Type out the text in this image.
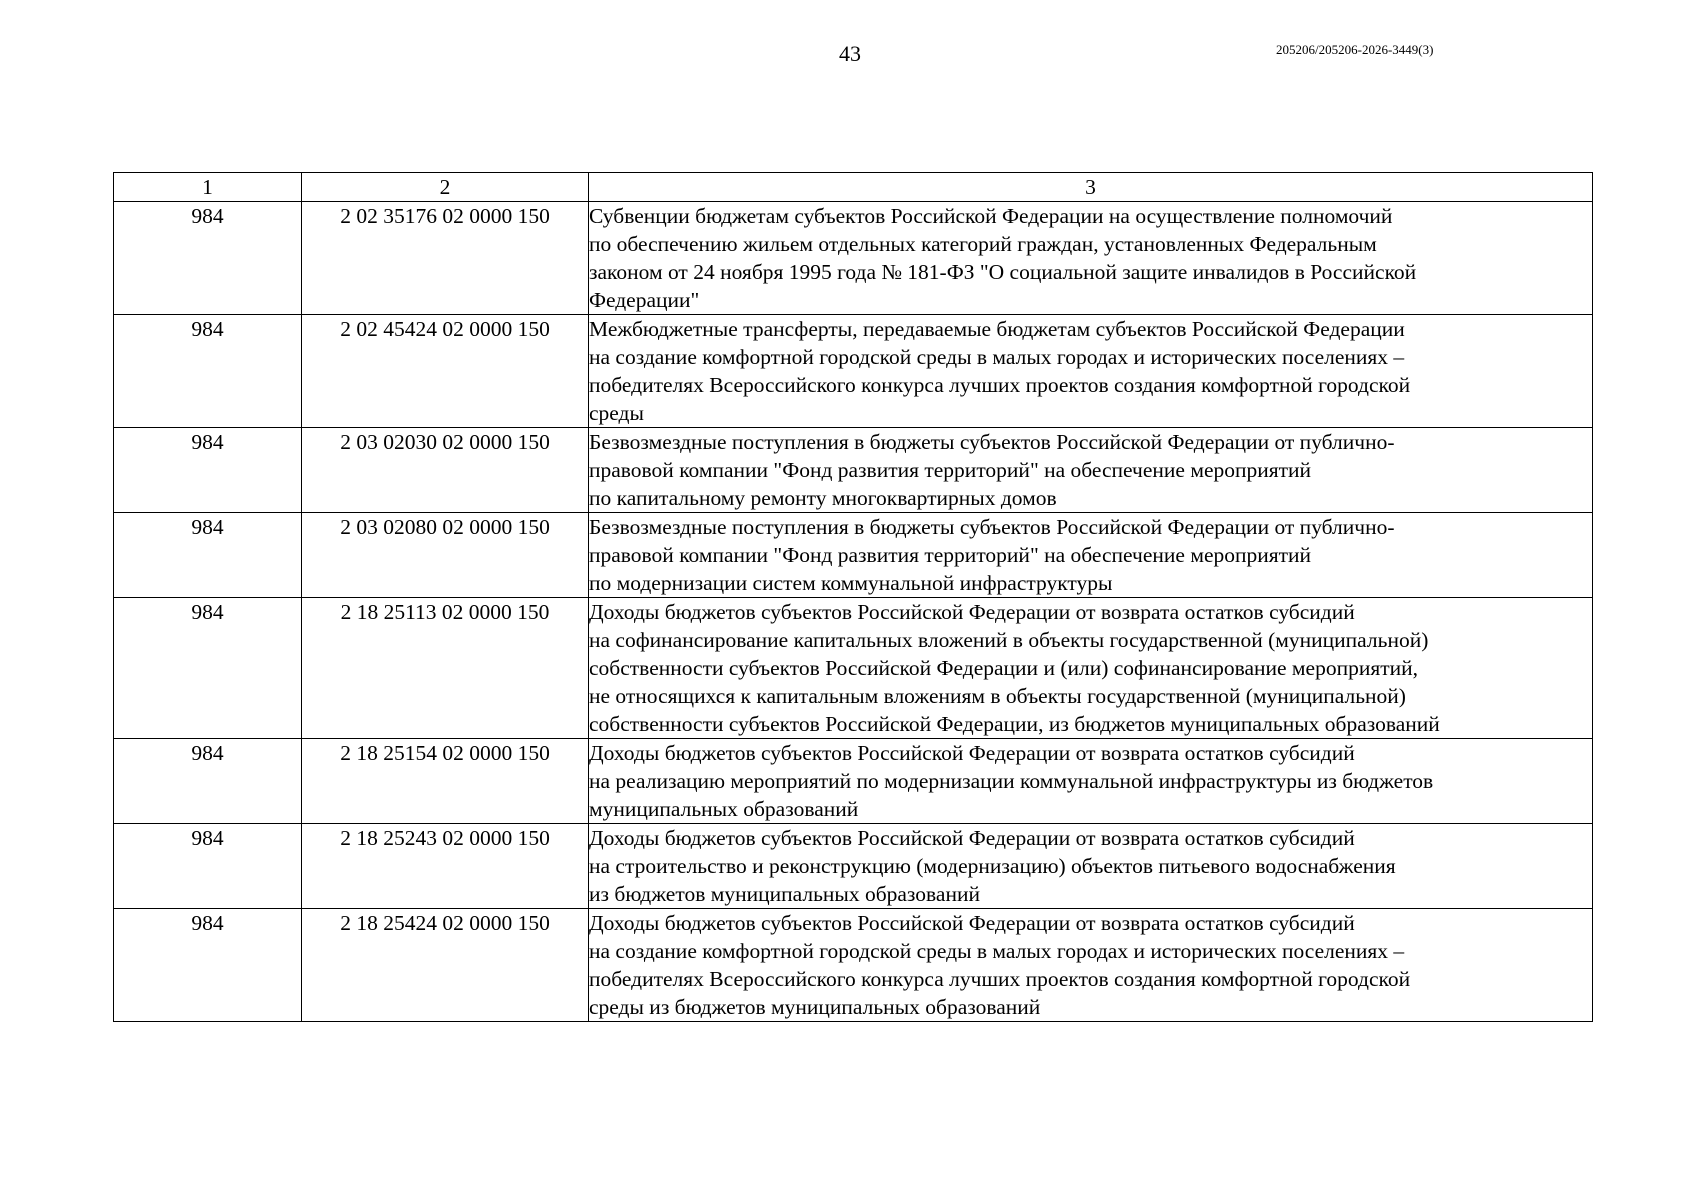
43	205206/205206-2026-3449(3)
1	2	3
984	2 02 35176 02 0000 150	Субвенции бюджетам субъектов Российской Федерации на осуществление полномочий
по обеспечению жильем отдельных категорий граждан, установленных Федеральным
законом от 24 ноября 1995 года № 181-ФЗ "О социальной защите инвалидов в Российской
Федерации"

984	2 02 45424 02 0000 150	Межбюджетные трансферты, передаваемые бюджетам субъектов Российской Федерации
на создание комфортной городской среды в малых городах и исторических поселениях –
победителях Всероссийского конкурса лучших проектов создания комфортной городской
среды

984	2 03 02030 02 0000 150	Безвозмездные поступления в бюджеты субъектов Российской Федерации от публично-
правовой компании "Фонд развития территорий" на обеспечение мероприятий
по капитальному ремонту многоквартирных домов

984	2 03 02080 02 0000 150	Безвозмездные поступления в бюджеты субъектов Российской Федерации от публично-
правовой компании "Фонд развития территорий" на обеспечение мероприятий
по модернизации систем коммунальной инфраструктуры

984	2 18 25113 02 0000 150	Доходы бюджетов субъектов Российской Федерации от возврата остатков субсидий
на софинансирование капитальных вложений в объекты государственной (муниципальной)
собственности субъектов Российской Федерации и (или) софинансирование мероприятий,
не относящихся к капитальным вложениям в объекты государственной (муниципальной)
собственности субъектов Российской Федерации, из бюджетов муниципальных образований

984	2 18 25154 02 0000 150	Доходы бюджетов субъектов Российской Федерации от возврата остатков субсидий
на реализацию мероприятий по модернизации коммунальной инфраструктуры из бюджетов
муниципальных образований

984	2 18 25243 02 0000 150	Доходы бюджетов субъектов Российской Федерации от возврата остатков субсидий
на строительство и реконструкцию (модернизацию) объектов питьевого водоснабжения
из бюджетов муниципальных образований

984	2 18 25424 02 0000 150	Доходы бюджетов субъектов Российской Федерации от возврата остатков субсидий
на создание комфортной городской среды в малых городах и исторических поселениях –
победителях Всероссийского конкурса лучших проектов создания комфортной городской
среды из бюджетов муниципальных образований
